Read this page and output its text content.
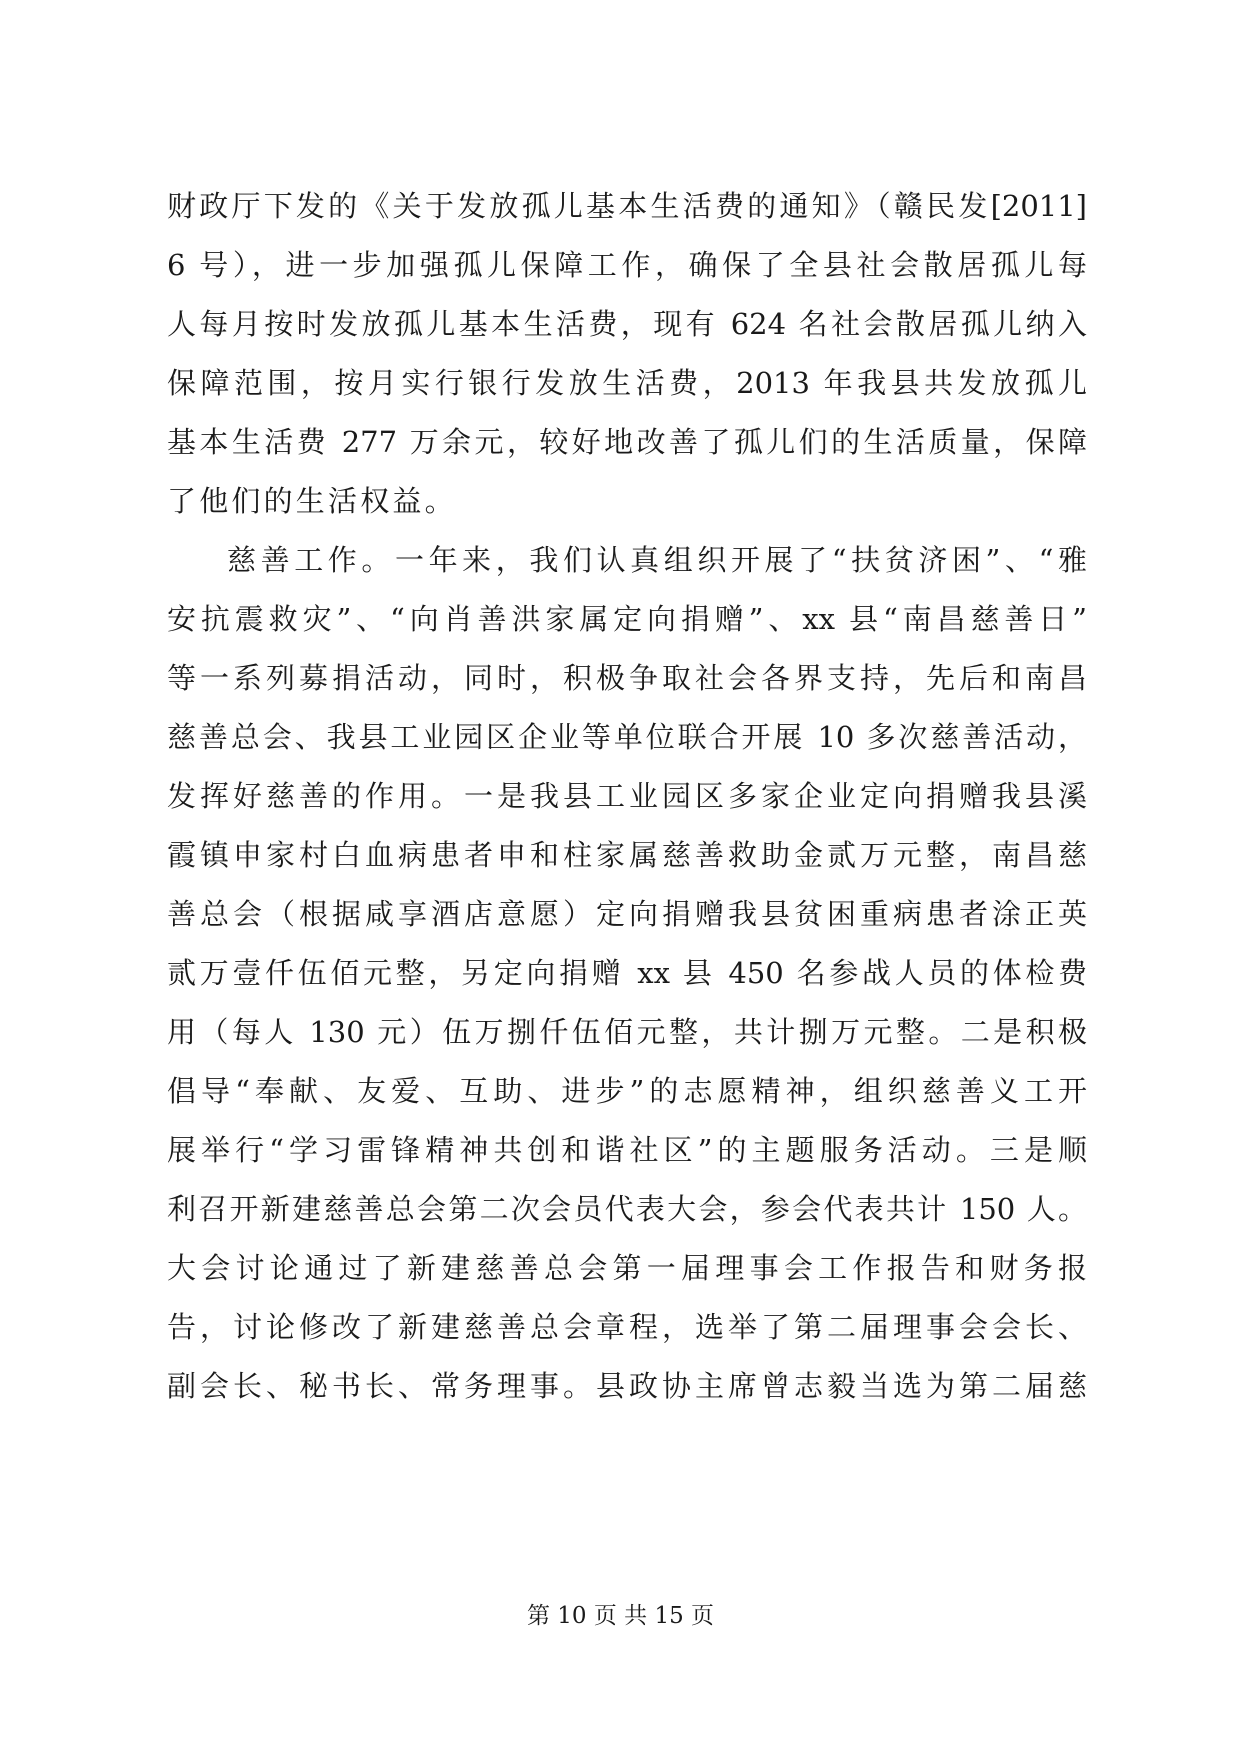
财政厅下发的《关于发放孤儿基本生活费的通知》（赣民发[2011]
6 号），进一步加强孤儿保障工作，确保了全县社会散居孤儿每
人每月按时发放孤儿基本生活费，现有 624 名社会散居孤儿纳入
保障范围，按月实行银行发放生活费，2013 年我县共发放孤儿
基本生活费 277 万余元，较好地改善了孤儿们的生活质量，保障
了他们的生活权益。
慈善工作。一年来，我们认真组织开展了“扶贫济困”、“雅
安抗震救灾”、“向肖善洪家属定向捐赠”、xx 县“南昌慈善日”
等一系列募捐活动，同时，积极争取社会各界支持，先后和南昌
慈善总会、我县工业园区企业等单位联合开展 10 多次慈善活动，
发挥好慈善的作用。一是我县工业园区多家企业定向捐赠我县溪
霞镇申家村白血病患者申和柱家属慈善救助金贰万元整，南昌慈
善总会（根据咸享酒店意愿）定向捐赠我县贫困重病患者涂正英
贰万壹仟伍佰元整，另定向捐赠 xx 县 450 名参战人员的体检费
用（每人 130 元）伍万捌仟伍佰元整，共计捌万元整。二是积极
倡导“奉献、友爱、互助、进步”的志愿精神，组织慈善义工开
展举行“学习雷锋精神共创和谐社区”的主题服务活动。三是顺
利召开新建慈善总会第二次会员代表大会，参会代表共计 150 人。
大会讨论通过了新建慈善总会第一届理事会工作报告和财务报
告，讨论修改了新建慈善总会章程，选举了第二届理事会会长、
副会长、秘书长、常务理事。县政协主席曾志毅当选为第二届慈
第 10 页 共 15 页
